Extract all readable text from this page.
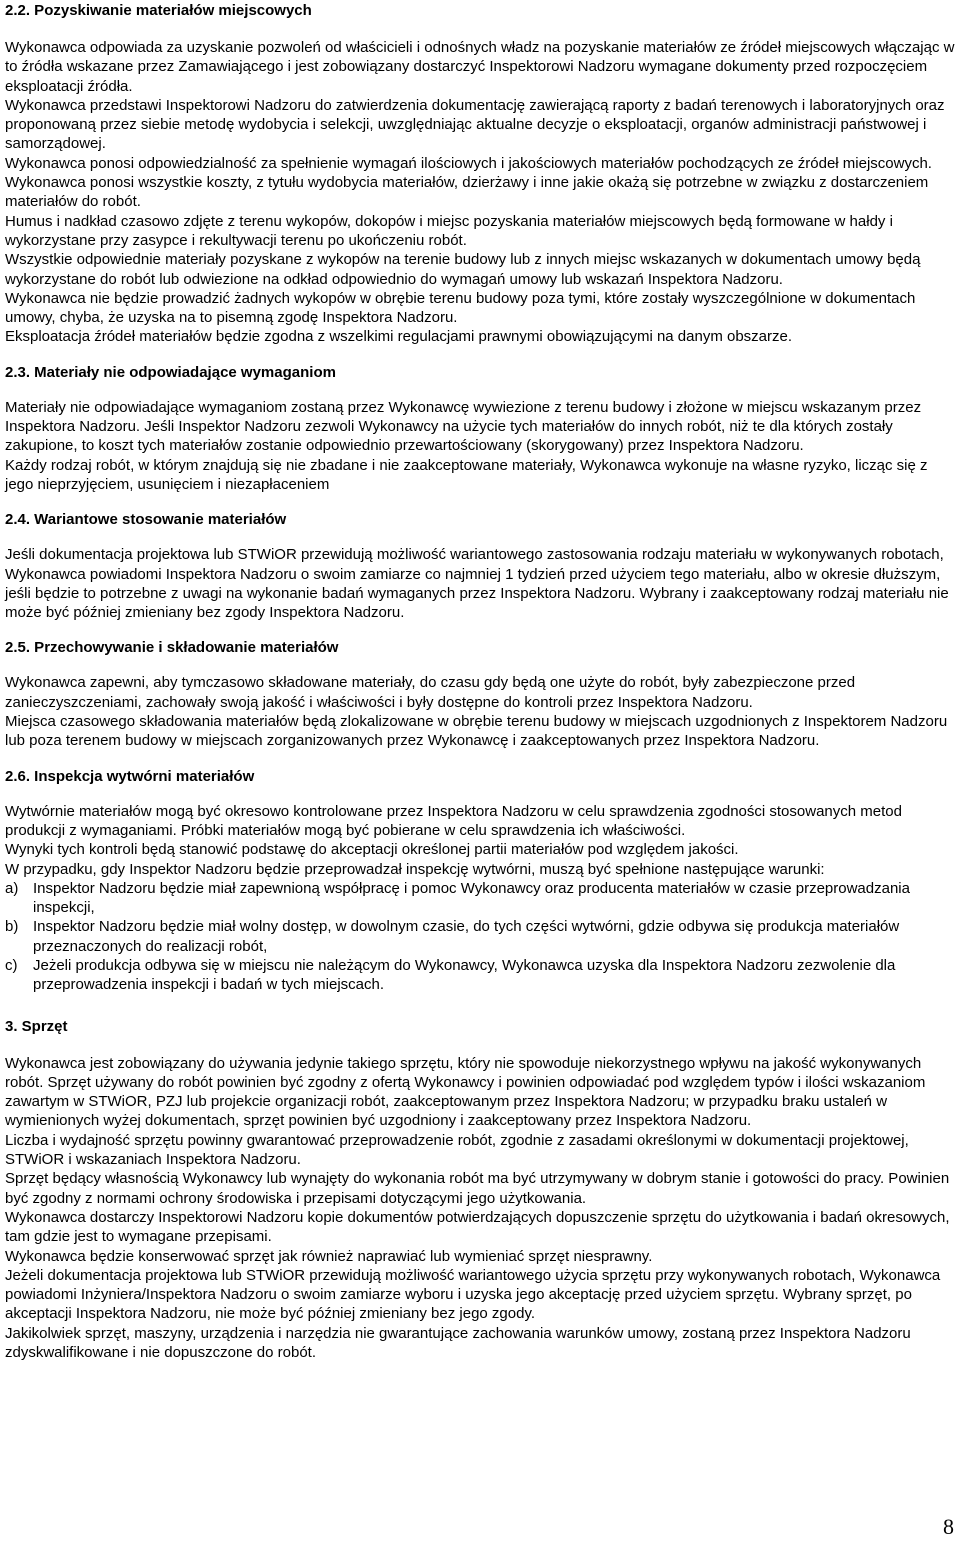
2.2. Pozyskiwanie materiałów miejscowych

Wykonawca odpowiada za uzyskanie pozwoleń od właścicieli i odnośnych władz na pozyskanie materiałów ze źródeł miejscowych włączając w to źródła wskazane przez Zamawiającego i jest zobowiązany dostarczyć Inspektorowi Nadzoru wymagane dokumenty przed rozpoczęciem eksploatacji źródła.

Wykonawca przedstawi Inspektorowi Nadzoru do zatwierdzenia dokumentację zawierającą raporty z badań terenowych i laboratoryjnych oraz proponowaną przez siebie metodę wydobycia i selekcji, uwzględniając aktualne decyzje o eksploatacji, organów administracji państwowej i samorządowej.

Wykonawca ponosi odpowiedzialność za spełnienie wymagań ilościowych i jakościowych materiałów pochodzących ze źródeł miejscowych.

Wykonawca ponosi wszystkie koszty, z tytułu wydobycia materiałów, dzierżawy i inne jakie okażą się potrzebne w związku z dostarczeniem materiałów do robót.

Humus i nadkład czasowo zdjęte z terenu wykopów, dokopów i miejsc pozyskania materiałów miejscowych będą formowane w hałdy i wykorzystane przy zasypce i rekultywacji terenu po ukończeniu robót.

Wszystkie odpowiednie materiały pozyskane z wykopów na terenie budowy lub z innych miejsc wskazanych w dokumentach umowy będą wykorzystane do robót lub odwiezione na odkład odpowiednio do wymagań umowy lub wskazań Inspektora Nadzoru.

Wykonawca nie będzie prowadzić żadnych wykopów w obrębie terenu budowy poza tymi, które zostały wyszczególnione w dokumentach umowy, chyba, że uzyska na to pisemną zgodę Inspektora Nadzoru.

Eksploatacja źródeł materiałów będzie zgodna z wszelkimi regulacjami prawnymi obowiązującymi na danym obszarze.

2.3. Materiały nie odpowiadające wymaganiom

Materiały nie odpowiadające wymaganiom zostaną przez Wykonawcę wywiezione z terenu budowy i złożone w miejscu wskazanym przez Inspektora Nadzoru. Jeśli Inspektor Nadzoru zezwoli Wykonawcy na użycie tych materiałów do innych robót, niż te dla których zostały zakupione, to koszt tych materiałów zostanie odpowiednio przewartościowany (skorygowany) przez Inspektora Nadzoru.

Każdy rodzaj robót, w którym znajdują się nie zbadane i nie zaakceptowane materiały, Wykonawca wykonuje na własne ryzyko, licząc się z jego nieprzyjęciem, usunięciem i niezapłaceniem

2.4. Wariantowe stosowanie materiałów

Jeśli dokumentacja projektowa lub STWiOR przewidują możliwość wariantowego zastosowania rodzaju materiału w wykonywanych robotach, Wykonawca powiadomi Inspektora Nadzoru o swoim zamiarze co najmniej 1 tydzień przed użyciem tego materiału, albo w okresie dłuższym, jeśli będzie to potrzebne z uwagi na wykonanie badań wymaganych przez Inspektora Nadzoru. Wybrany i zaakceptowany rodzaj materiału nie może być później zmieniany bez zgody Inspektora Nadzoru.

2.5. Przechowywanie i składowanie materiałów

Wykonawca zapewni, aby tymczasowo składowane materiały, do czasu gdy będą one użyte do robót, były zabezpieczone przed zanieczyszczeniami, zachowały swoją jakość i właściwości i były dostępne do kontroli przez Inspektora Nadzoru.

Miejsca czasowego składowania materiałów będą zlokalizowane w obrębie terenu budowy w miejscach uzgodnionych z Inspektorem Nadzoru lub poza terenem budowy w miejscach zorganizowanych przez Wykonawcę i zaakceptowanych przez Inspektora Nadzoru.

2.6. Inspekcja wytwórni materiałów

Wytwórnie materiałów mogą być okresowo kontrolowane przez Inspektora Nadzoru w celu sprawdzenia zgodności stosowanych metod produkcji z wymaganiami. Próbki materiałów mogą być pobierane w celu sprawdzenia ich właściwości.

Wynyki tych kontroli będą stanowić podstawę do akceptacji określonej partii materiałów pod względem jakości.

W przypadku, gdy Inspektor Nadzoru będzie przeprowadzał inspekcję wytwórni, muszą być spełnione następujące warunki:

a) Inspektor Nadzoru będzie miał zapewnioną współpracę i pomoc Wykonawcy oraz producenta materiałów w czasie przeprowadzania inspekcji,
b) Inspektor Nadzoru będzie miał wolny dostęp, w dowolnym czasie, do tych części wytwórni, gdzie odbywa się produkcja materiałów przeznaczonych do realizacji robót,
c)	Jeżeli produkcja odbywa się w miejscu nie należącym do Wykonawcy, Wykonawca uzyska dla Inspektora Nadzoru zezwolenie dla przeprowadzenia inspekcji i badań w tych miejscach.
3. Sprzęt

Wykonawca jest zobowiązany do używania jedynie takiego sprzętu, który nie spowoduje niekorzystnego wpływu na jakość wykonywanych robót. Sprzęt używany do robót powinien być zgodny z ofertą Wykonawcy i powinien odpowiadać pod względem typów i ilości wskazaniom zawartym w STWiOR, PZJ lub projekcie organizacji robót, zaakceptowanym przez Inspektora Nadzoru; w przypadku braku ustaleń w wymienionych wyżej dokumentach, sprzęt powinien być uzgodniony i zaakceptowany przez Inspektora Nadzoru.

Liczba i wydajność sprzętu powinny gwarantować przeprowadzenie robót, zgodnie z zasadami określonymi w dokumentacji projektowej, STWiOR i wskazaniach Inspektora Nadzoru.

Sprzęt będący własnością Wykonawcy lub wynajęty do wykonania robót ma być utrzymywany w dobrym stanie i gotowości do pracy. Powinien być zgodny z normami ochrony środowiska i przepisami dotyczącymi jego użytkowania.

Wykonawca dostarczy Inspektorowi Nadzoru kopie dokumentów potwierdzających dopuszczenie sprzętu do użytkowania i badań okresowych, tam gdzie jest to wymagane przepisami.

Wykonawca będzie konserwować sprzęt jak również naprawiać lub wymieniać sprzęt niesprawny.

Jeżeli dokumentacja projektowa lub STWiOR przewidują możliwość wariantowego użycia sprzętu przy wykonywanych robotach, Wykonawca powiadomi Inżyniera/Inspektora Nadzoru o swoim zamiarze wyboru i uzyska jego akceptację przed użyciem sprzętu. Wybrany sprzęt, po akceptacji Inspektora Nadzoru, nie może być później zmieniany bez jego zgody.

Jakikolwiek sprzęt, maszyny, urządzenia i narzędzia nie gwarantujące zachowania warunków umowy, zostaną przez Inspektora Nadzoru zdyskwalifikowane i nie dopuszczone do robót.

8
